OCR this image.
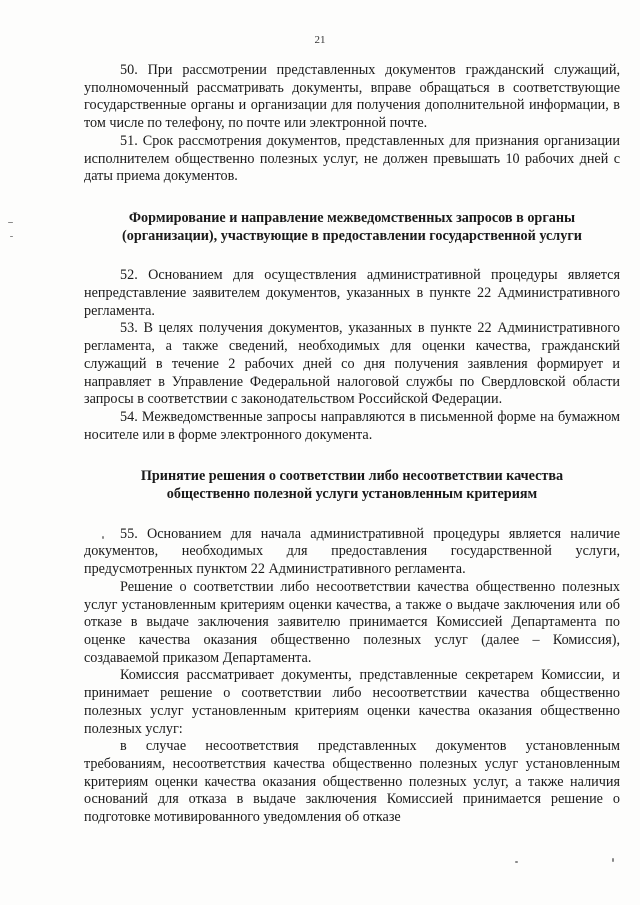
21

50. При рассмотрении представленных документов гражданский служащий, уполномоченный рассматривать документы, вправе обращаться в соответствующие государственные органы и организации для получения дополнительной информации, в том числе по телефону, по почте или электронной почте.

51. Срок рассмотрения документов, представленных для признания организации исполнителем общественно полезных услуг, не должен превышать 10 рабочих дней с даты приема документов.

Формирование и направление межведомственных запросов в органы
(организации), участвующие в предоставлении государственной услуги

52. Основанием для осуществления административной процедуры является непредставление заявителем документов, указанных в пункте 22 Административного регламента.

53. В целях получения документов, указанных в пункте 22 Административного регламента, а также сведений, необходимых для оценки качества, гражданский служащий в течение 2 рабочих дней со дня получения заявления формирует и направляет в Управление Федеральной налоговой службы по Свердловской области запросы в соответствии с законодательством Российской Федерации.

54. Межведомственные запросы направляются в письменной форме на бумажном носителе или в форме электронного документа.

Принятие решения о соответствии либо несоответствии качества
общественно полезной услуги установленным критериям

55. Основанием для начала административной процедуры является наличие документов, необходимых для предоставления государственной услуги, предусмотренных пунктом 22 Административного регламента.

Решение о соответствии либо несоответствии качества общественно полезных услуг установленным критериям оценки качества, а также о выдаче заключения или об отказе в выдаче заключения заявителю принимается Комиссией Департамента по оценке качества оказания общественно полезных услуг (далее – Комиссия), создаваемой приказом Департамента.

Комиссия рассматривает документы, представленные секретарем Комиссии, и принимает решение о соответствии либо несоответствии качества общественно полезных услуг установленным критериям оценки качества оказания общественно полезных услуг:

в случае несоответствия представленных документов установленным требованиям, несоответствия качества общественно полезных услуг установленным критериям оценки качества оказания общественно полезных услуг, а также наличия оснований для отказа в выдаче заключения Комиссией принимается решение о подготовке мотивированного уведомления об отказе
